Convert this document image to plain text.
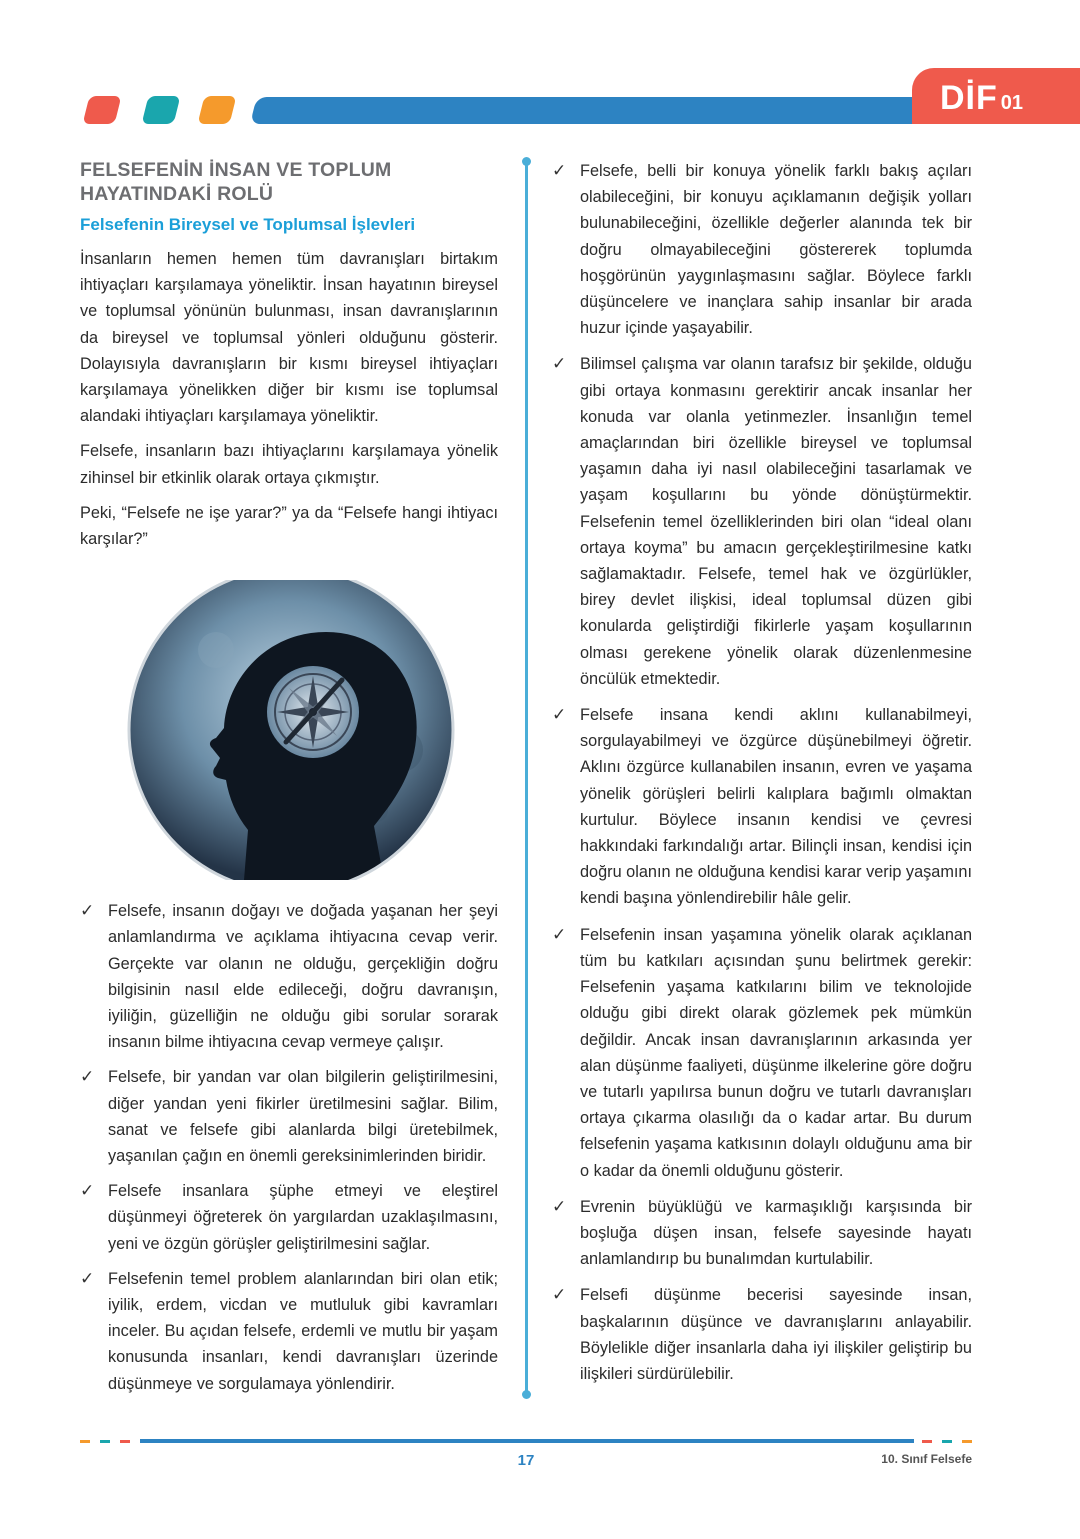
DİF 01
FELSEFENİN İNSAN VE TOPLUM HAYATINDAKİ ROLÜ
Felsefenin Bireysel ve Toplumsal İşlevleri

İnsanların hemen hemen tüm davranışları birtakım ihtiyaçları karşılamaya yöneliktir. İnsan hayatının bireysel ve toplumsal yönünün bulunması, insan davranışlarının da bireysel ve toplumsal yönleri olduğunu gösterir. Dolayısıyla davranışların bir kısmı bireysel ihtiyaçları karşılamaya yönelikken diğer bir kısmı ise toplumsal alandaki ihtiyaçları karşılamaya yöneliktir.

Felsefe, insanların bazı ihtiyaçlarını karşılamaya yönelik zihinsel bir etkinlik olarak ortaya çıkmıştır.

Peki, “Felsefe ne işe yarar?” ya da “Felsefe hangi ihtiyacı karşılar?”

✓ Felsefe, insanın doğayı ve doğada yaşanan her şeyi anlamlandırma ve açıklama ihtiyacına cevap verir. Gerçekte var olanın ne olduğu, gerçekliğin doğru bilgisinin nasıl elde edileceği, doğru davranışın, iyiliğin, güzelliğin ne olduğu gibi sorular sorarak insanın bilme ihtiyacına cevap vermeye çalışır.
✓ Felsefe, bir yandan var olan bilgilerin geliştirilmesini, diğer yandan yeni fikirler üretilmesini sağlar. Bilim, sanat ve felsefe gibi alanlarda bilgi üretebilmek, yaşanılan çağın en önemli gereksinimlerinden biridir.
✓ Felsefe insanlara şüphe etmeyi ve eleştirel düşünmeyi öğreterek ön yargılardan uzaklaşılmasını, yeni ve özgün görüşler geliştirilmesini sağlar.
✓ Felsefenin temel problem alanlarından biri olan etik; iyilik, erdem, vicdan ve mutluluk gibi kavramları inceler. Bu açıdan felsefe, erdemli ve mutlu bir yaşam konusunda insanları, kendi davranışları üzerinde düşünmeye ve sorgulamaya yönlendirir.
✓ Felsefe, belli bir konuya yönelik farklı bakış açıları olabileceğini, bir konuyu açıklamanın değişik yolları bulunabileceğini, özellikle değerler alanında tek bir doğru olmayabileceğini göstererek toplumda hoşgörünün yaygınlaşmasını sağlar. Böylece farklı düşüncelere ve inançlara sahip insanlar bir arada huzur içinde yaşayabilir.
✓ Bilimsel çalışma var olanın tarafsız bir şekilde, olduğu gibi ortaya konmasını gerektirir ancak insanlar her konuda var olanla yetinmezler. İnsanlığın temel amaçlarından biri özellikle bireysel ve toplumsal yaşamın daha iyi nasıl olabileceğini tasarlamak ve yaşam koşullarını bu yönde dönüştürmektir. Felsefenin temel özelliklerinden biri olan “ideal olanı ortaya koyma” bu amacın gerçekleştirilmesine katkı sağlamaktadır. Felsefe, temel hak ve özgürlükler, birey devlet ilişkisi, ideal toplumsal düzen gibi konularda geliştirdiği fikirlerle yaşam koşullarının olması gerekene yönelik olarak düzenlenmesine öncülük etmektedir.
✓ Felsefe insana kendi aklını kullanabilmeyi, sorgulayabilmeyi ve özgürce düşünebilmeyi öğretir. Aklını özgürce kullanabilen insanın, evren ve yaşama yönelik görüşleri belirli kalıplara bağımlı olmaktan kurtulur. Böylece insanın kendisi ve çevresi hakkındaki farkındalığı artar. Bilinçli insan, kendisi için doğru olanın ne olduğuna kendisi karar verip yaşamını kendi başına yönlendirebilir hâle gelir.
✓ Felsefenin insan yaşamına yönelik olarak açıklanan tüm bu katkıları açısından şunu belirtmek gerekir: Felsefenin yaşama katkılarını bilim ve teknolojide olduğu gibi direkt olarak gözlemek pek mümkün değildir. Ancak insan davranışlarının arkasında yer alan düşünme faaliyeti, düşünme ilkelerine göre doğru ve tutarlı yapılırsa bunun doğru ve tutarlı davranışları ortaya çıkarma olasılığı da o kadar artar. Bu durum felsefenin yaşama katkısının dolaylı olduğunu ama bir o kadar da önemli olduğunu gösterir.
✓ Evrenin büyüklüğü ve karmaşıklığı karşısında bir boşluğa düşen insan, felsefe sayesinde hayatı anlamlandırıp bu bunalımdan kurtulabilir.
✓ Felsefi düşünme becerisi sayesinde insan, başkalarının düşünce ve davranışlarını anlayabilir. Böylelikle diğer insanlarla daha iyi ilişkiler geliştirip bu ilişkileri sürdürülebilir.
17	10. Sınıf Felsefe
